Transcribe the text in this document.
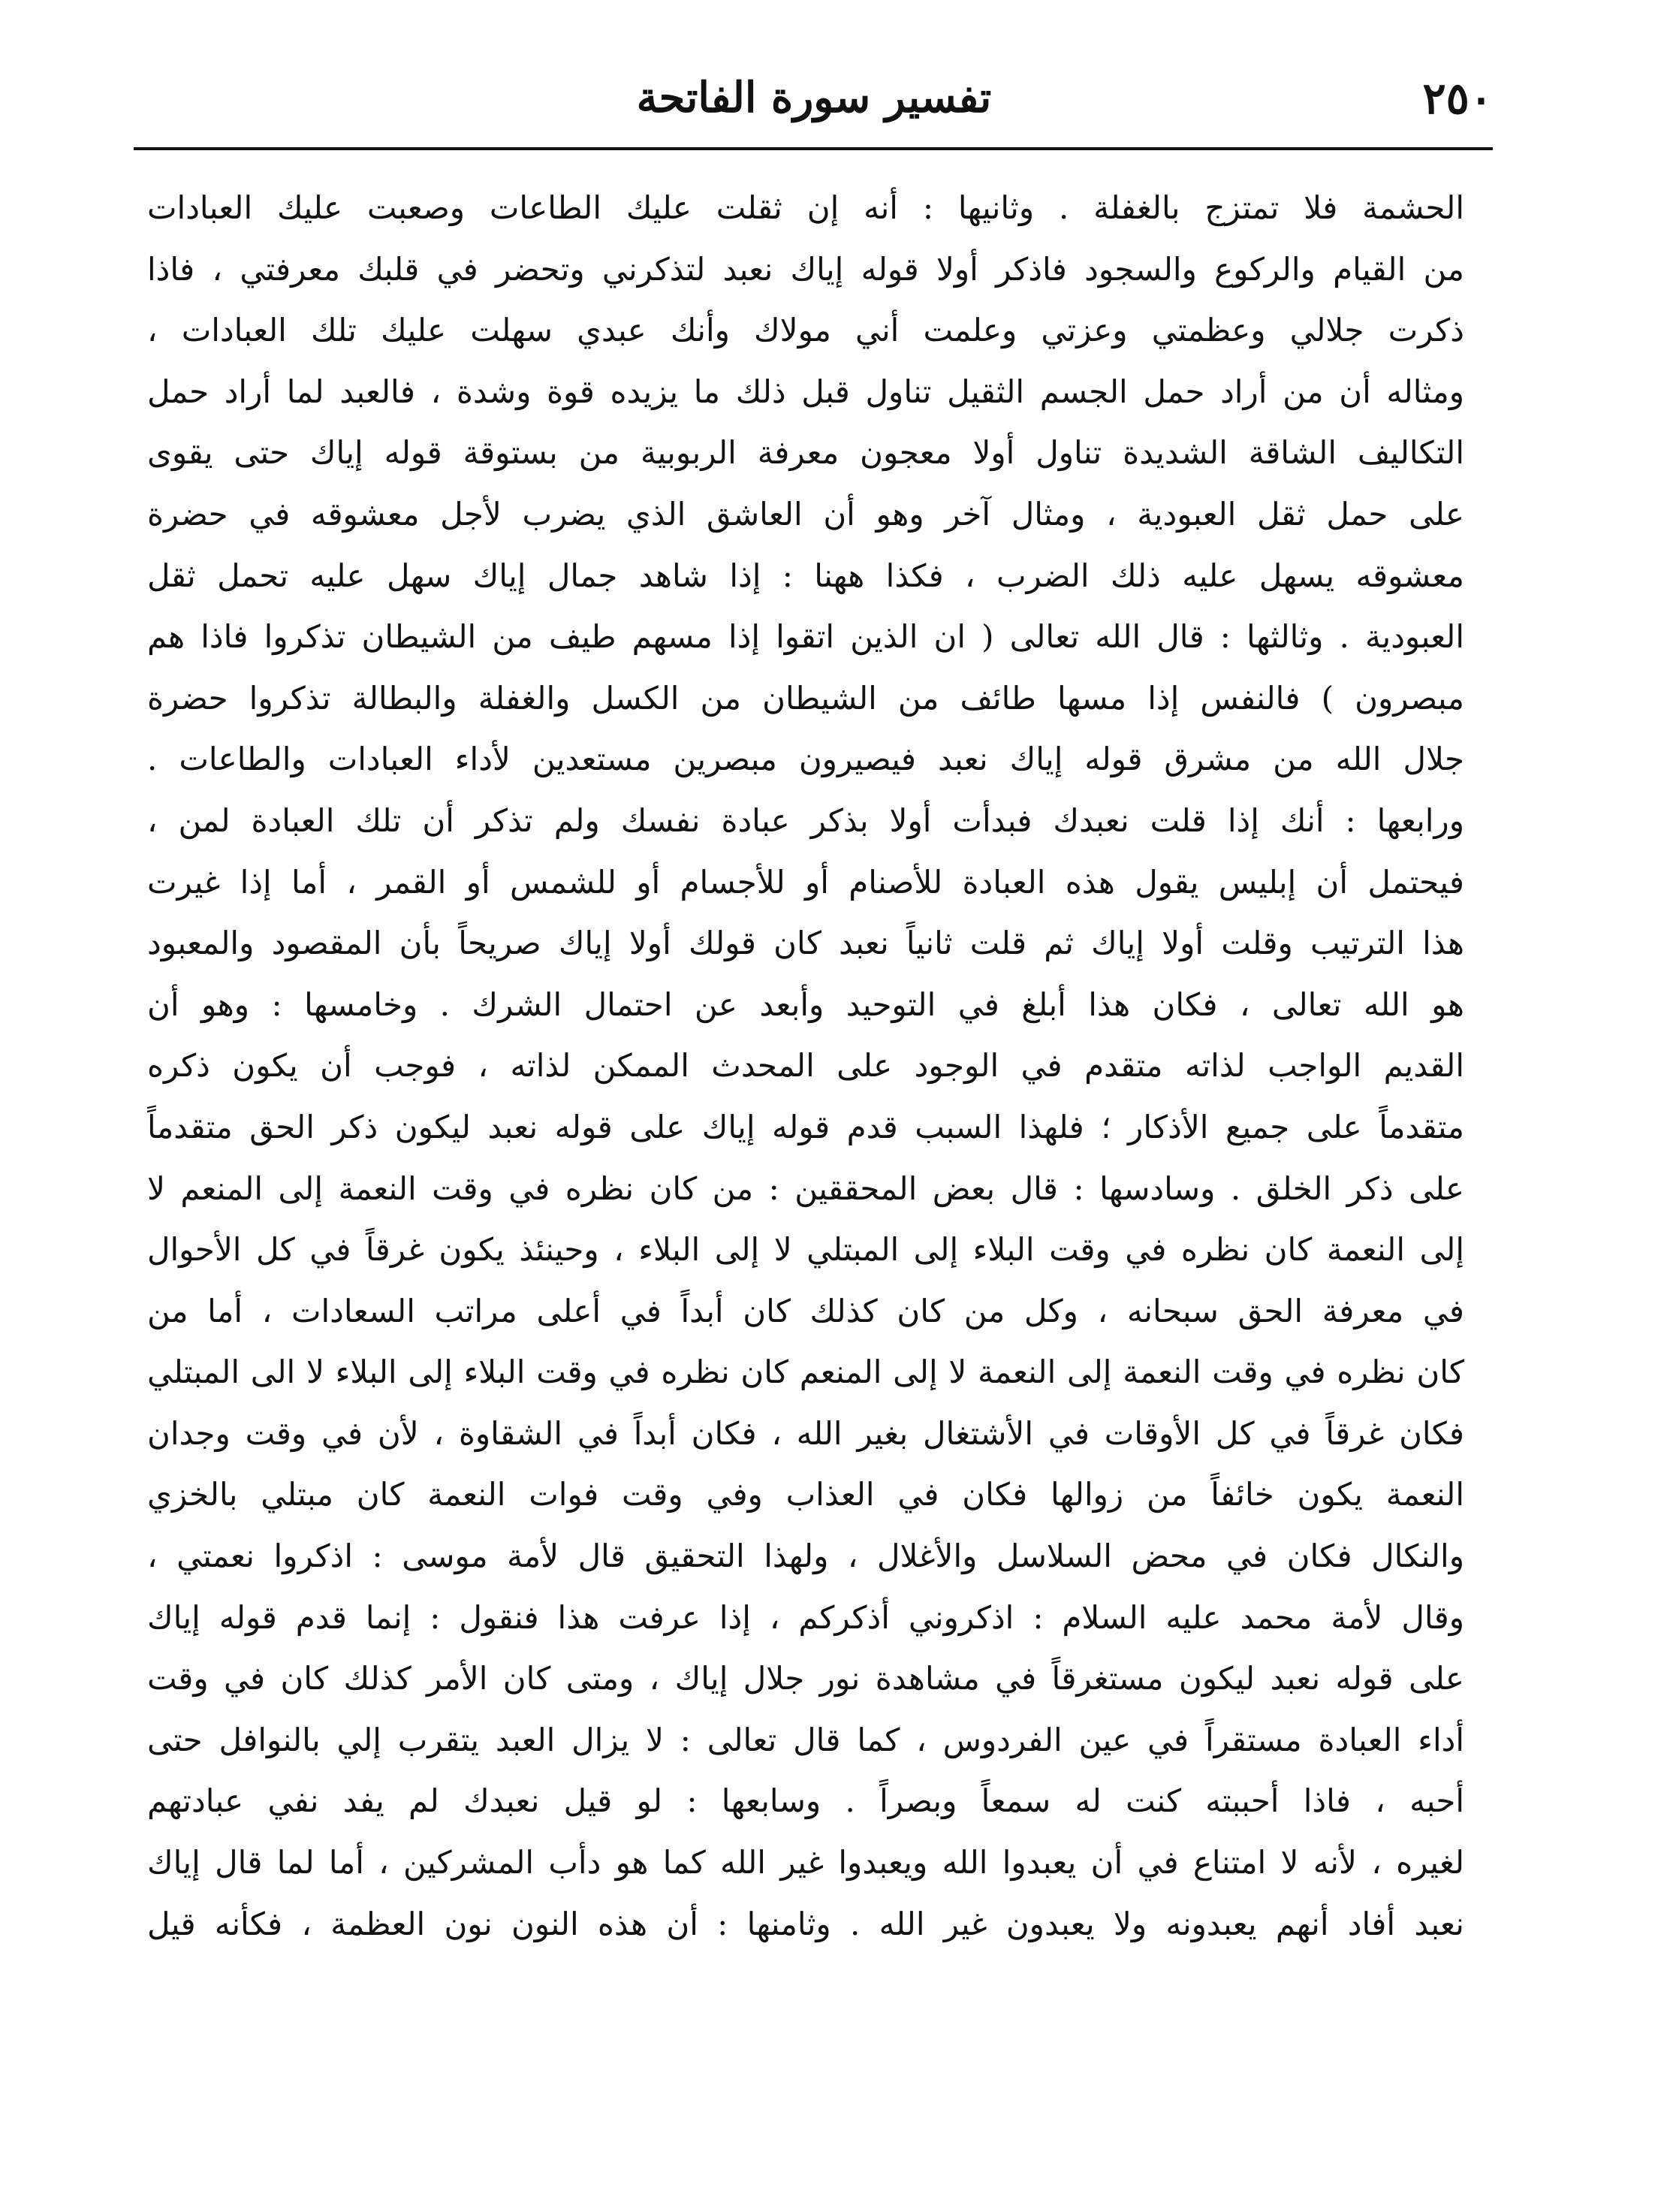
٢٥٠
تفسير سورة الفاتحة
الحشمة فلا تمتزج بالغفلة . وثانيها : أنه إن ثقلت عليك الطاعات وصعبت عليك العبادات
من القيام والركوع والسجود فاذكر أولا قوله إياك نعبد لتذكرني وتحضر في قلبك معرفتي ، فاذا
ذكرت جلالي وعظمتي وعزتي وعلمت أني مولاك وأنك عبدي سهلت عليك تلك العبادات ،
ومثاله أن من أراد حمل الجسم الثقيل تناول قبل ذلك ما يزيده قوة وشدة ، فالعبد لما أراد حمل
التكاليف الشاقة الشديدة تناول أولا معجون معرفة الربوبية من بستوقة قوله إياك حتى يقوى
على حمل ثقل العبودية ، ومثال آخر وهو أن العاشق الذي يضرب لأجل معشوقه في حضرة
معشوقه يسهل عليه ذلك الضرب ، فكذا ههنا : إذا شاهد جمال إياك سهل عليه تحمل ثقل
العبودية . وثالثها : قال الله تعالى ( ان الذين اتقوا إذا مسهم طيف من الشيطان تذكروا فاذا هم
مبصرون ) فالنفس إذا مسها طائف من الشيطان من الكسل والغفلة والبطالة تذكروا حضرة
جلال الله من مشرق قوله إياك نعبد فيصيرون مبصرين مستعدين لأداء العبادات والطاعات .
ورابعها : أنك إذا قلت نعبدك فبدأت أولا بذكر عبادة نفسك ولم تذكر أن تلك العبادة لمن ،
فيحتمل أن إبليس يقول هذه العبادة للأصنام أو للأجسام أو للشمس أو القمر ، أما إذا غيرت
هذا الترتيب وقلت أولا إياك ثم قلت ثانياً نعبد كان قولك أولا إياك صريحاً بأن المقصود والمعبود
هو الله تعالى ، فكان هذا أبلغ في التوحيد وأبعد عن احتمال الشرك . وخامسها : وهو أن
القديم الواجب لذاته متقدم في الوجود على المحدث الممكن لذاته ، فوجب أن يكون ذكره
متقدماً على جميع الأذكار ؛ فلهذا السبب قدم قوله إياك على قوله نعبد ليكون ذكر الحق متقدماً
على ذكر الخلق . وسادسها : قال بعض المحققين : من كان نظره في وقت النعمة إلى المنعم لا
إلى النعمة كان نظره في وقت البلاء إلى المبتلي لا إلى البلاء ، وحينئذ يكون غرقاً في كل الأحوال
في معرفة الحق سبحانه ، وكل من كان كذلك كان أبداً في أعلى مراتب السعادات ، أما من
كان نظره في وقت النعمة إلى النعمة لا إلى المنعم كان نظره في وقت البلاء إلى البلاء لا الى المبتلي
فكان غرقاً في كل الأوقات في الأشتغال بغير الله ، فكان أبداً في الشقاوة ، لأن في وقت وجدان
النعمة يكون خائفاً من زوالها فكان في العذاب وفي وقت فوات النعمة كان مبتلي بالخزي
والنكال فكان في محض السلاسل والأغلال ، ولهذا التحقيق قال لأمة موسى : اذكروا نعمتي ،
وقال لأمة محمد عليه السلام : اذكروني أذكركم ، إذا عرفت هذا فنقول : إنما قدم قوله إياك
على قوله نعبد ليكون مستغرقاً في مشاهدة نور جلال إياك ، ومتى كان الأمر كذلك كان في وقت
أداء العبادة مستقراً في عين الفردوس ، كما قال تعالى : لا يزال العبد يتقرب إلي بالنوافل حتى
أحبه ، فاذا أحببته كنت له سمعاً وبصراً . وسابعها : لو قيل نعبدك لم يفد نفي عبادتهم
لغيره ، لأنه لا امتناع في أن يعبدوا الله ويعبدوا غير الله كما هو دأب المشركين ، أما لما قال إياك
نعبد أفاد أنهم يعبدونه ولا يعبدون غير الله . وثامنها : أن هذه النون نون العظمة ، فكأنه قيل
